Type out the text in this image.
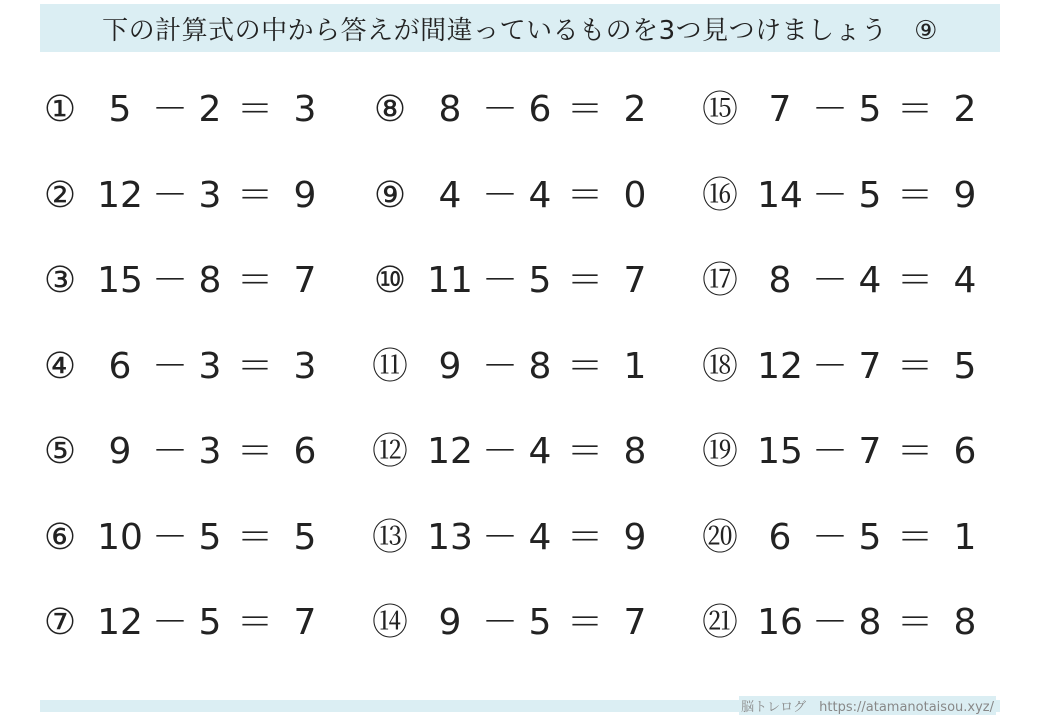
下の計算式の中から答えが間違っているものを3つ見つけましょう　⑨
① 5 － 2 ＝ 3
② 12 － 3 ＝ 9
③ 15 － 8 ＝ 7
④ 6 － 3 ＝ 3
⑤ 9 － 3 ＝ 6
⑥ 10 － 5 ＝ 5
⑦ 12 － 5 ＝ 7
⑧ 8 － 6 ＝ 2
⑨ 4 － 4 ＝ 0
⑩ 11 － 5 ＝ 7
⑪ 9 － 8 ＝ 1
⑫ 12 － 4 ＝ 8
⑬ 13 － 4 ＝ 9
⑭ 9 － 5 ＝ 7
⑮ 7 － 5 ＝ 2
⑯ 14 － 5 ＝ 9
⑰ 8 － 4 ＝ 4
⑱ 12 － 7 ＝ 5
⑲ 15 － 7 ＝ 6
⑳ 6 － 5 ＝ 1
㉑ 16 － 8 ＝ 8
脳トレログ　https://atamanotaisou.xyz/
